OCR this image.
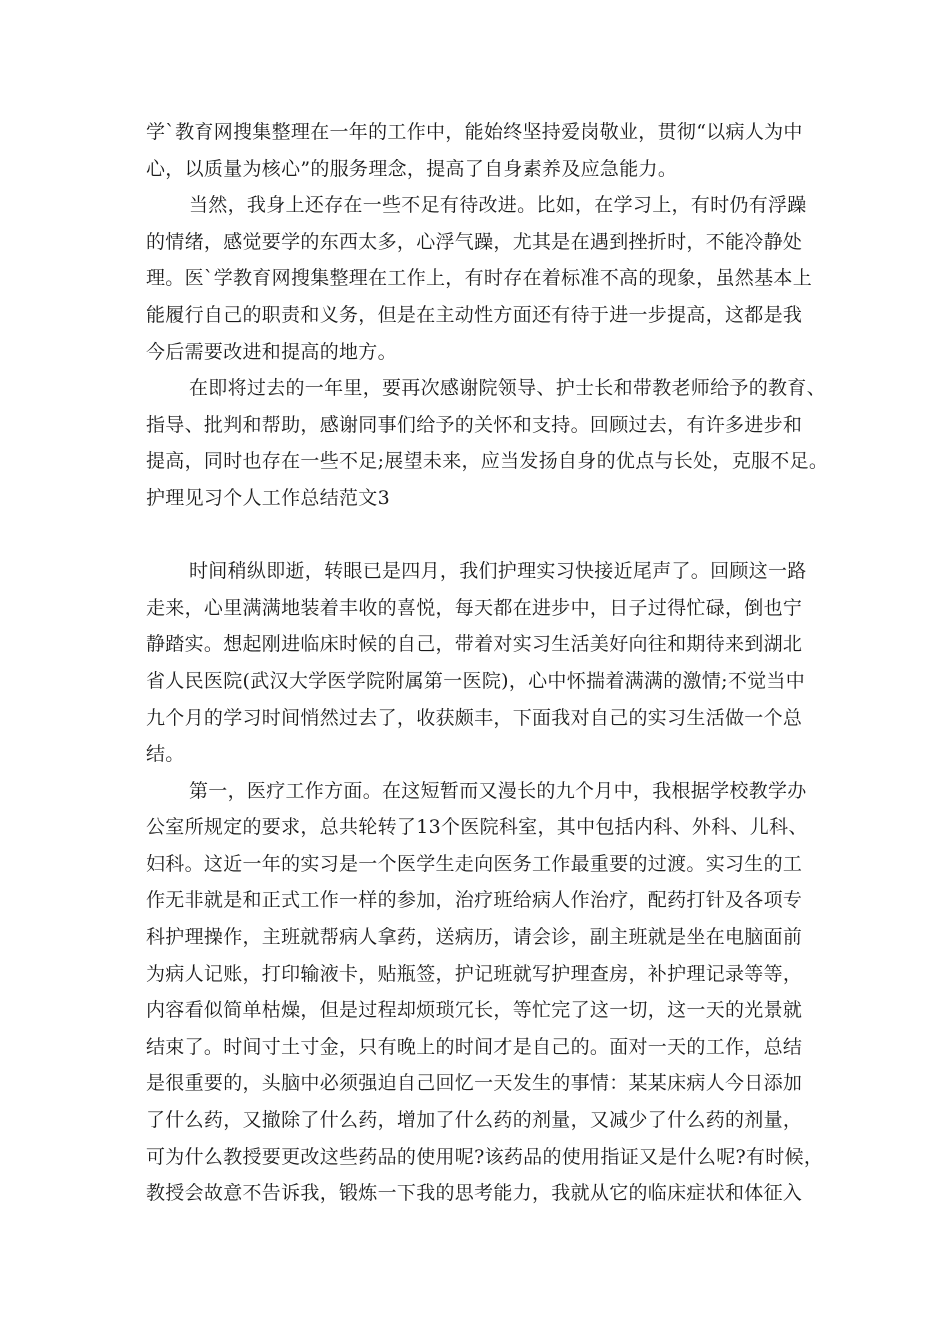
学`教育网搜集整理在一年的工作中，能始终坚持爱岗敬业，贯彻“以病人为中
心，以质量为核心”的服务理念，提高了自身素养及应急能力。
当然，我身上还存在一些不足有待改进。比如，在学习上，有时仍有浮躁
的情绪，感觉要学的东西太多，心浮气躁，尤其是在遇到挫折时，不能冷静处
理。医`学教育网搜集整理在工作上，有时存在着标准不高的现象，虽然基本上
能履行自己的职责和义务，但是在主动性方面还有待于进一步提高，这都是我
今后需要改进和提高的地方。
在即将过去的一年里，要再次感谢院领导、护士长和带教老师给予的教育、
指导、批判和帮助，感谢同事们给予的关怀和支持。回顾过去，有许多进步和
提高，同时也存在一些不足;展望未来，应当发扬自身的优点与长处，克服不足。
护理见习个人工作总结范文3
时间稍纵即逝，转眼已是四月，我们护理实习快接近尾声了。回顾这一路
走来，心里满满地装着丰收的喜悦，每天都在进步中，日子过得忙碌，倒也宁
静踏实。想起刚进临床时候的自己，带着对实习生活美好向往和期待来到湖北
省人民医院(武汉大学医学院附属第一医院)，心中怀揣着满满的激情;不觉当中
九个月的学习时间悄然过去了，收获颇丰，下面我对自己的实习生活做一个总
结。
第一，医疗工作方面。在这短暂而又漫长的九个月中，我根据学校教学办
公室所规定的要求，总共轮转了13个医院科室，其中包括内科、外科、儿科、
妇科。这近一年的实习是一个医学生走向医务工作最重要的过渡。实习生的工
作无非就是和正式工作一样的参加，治疗班给病人作治疗，配药打针及各项专
科护理操作，主班就帮病人拿药，送病历，请会诊，副主班就是坐在电脑面前
为病人记账，打印输液卡，贴瓶签，护记班就写护理查房，补护理记录等等，
内容看似简单枯燥，但是过程却烦琐冗长，等忙完了这一切，这一天的光景就
结束了。时间寸土寸金，只有晚上的时间才是自己的。面对一天的工作，总结
是很重要的，头脑中必须强迫自己回忆一天发生的事情：某某床病人今日添加
了什么药，又撤除了什么药，增加了什么药的剂量，又减少了什么药的剂量，
可为什么教授要更改这些药品的使用呢?该药品的使用指证又是什么呢?有时候，
教授会故意不告诉我，锻炼一下我的思考能力，我就从它的临床症状和体征入
